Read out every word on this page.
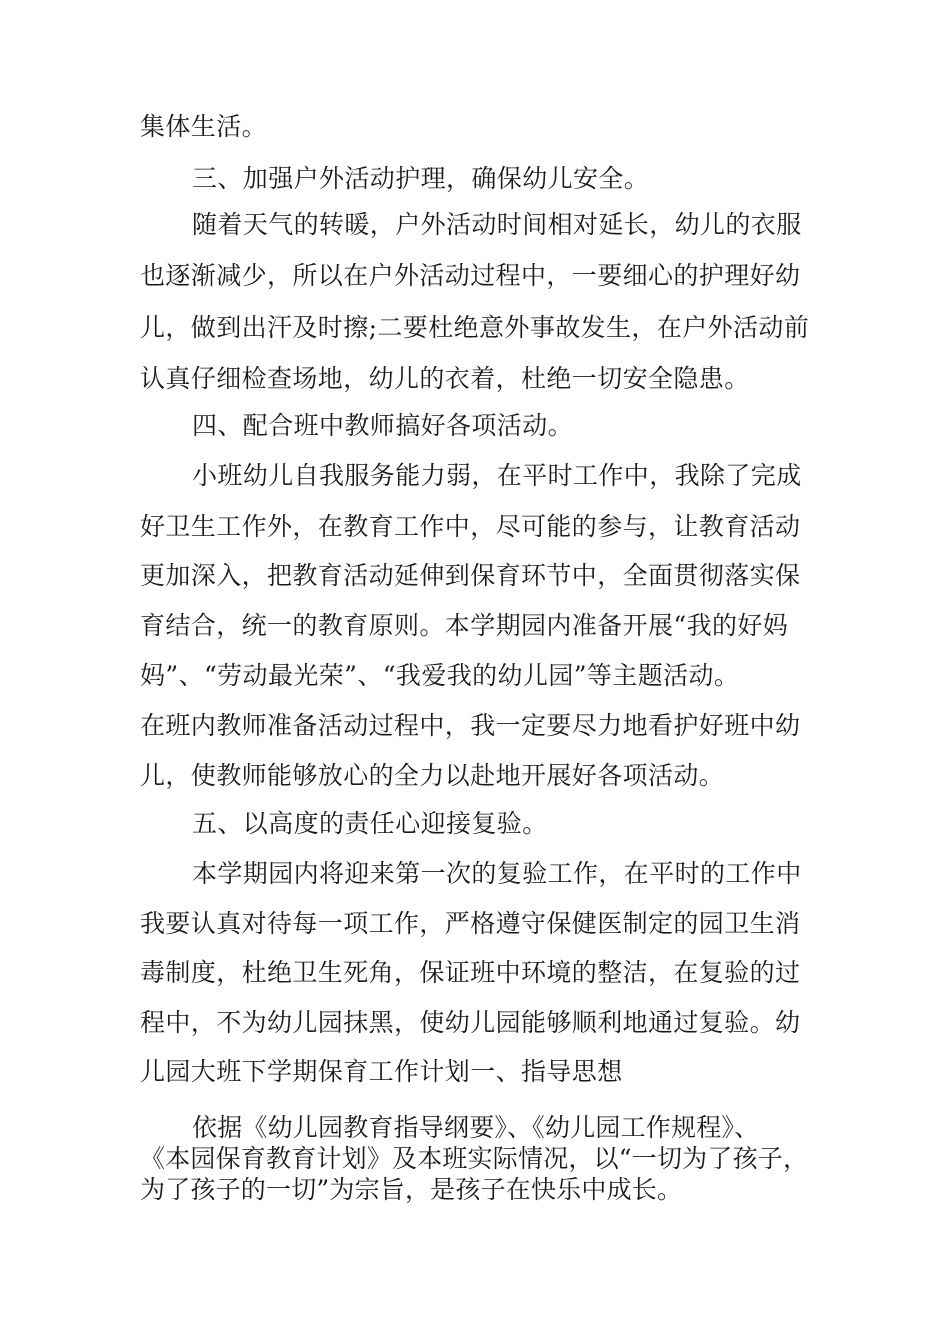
集体生活。
三、加强户外活动护理，确保幼儿安全。
随着天气的转暖，户外活动时间相对延长，幼儿的衣服
也逐渐减少，所以在户外活动过程中，一要细心的护理好幼
儿，做到出汗及时擦;二要杜绝意外事故发生，在户外活动前
认真仔细检查场地，幼儿的衣着，杜绝一切安全隐患。
四、配合班中教师搞好各项活动。
小班幼儿自我服务能力弱，在平时工作中，我除了完成
好卫生工作外，在教育工作中，尽可能的参与，让教育活动
更加深入，把教育活动延伸到保育环节中，全面贯彻落实保
育结合，统一的教育原则。本学期园内准备开展“我的好妈
妈”、“劳动最光荣”、“我爱我的幼儿园”等主题活动。
在班内教师准备活动过程中，我一定要尽力地看护好班中幼
儿，使教师能够放心的全力以赴地开展好各项活动。
五、以高度的责任心迎接复验。
本学期园内将迎来第一次的复验工作，在平时的工作中
我要认真对待每一项工作，严格遵守保健医制定的园卫生消
毒制度，杜绝卫生死角，保证班中环境的整洁，在复验的过
程中，不为幼儿园抹黑，使幼儿园能够顺利地通过复验。幼
儿园大班下学期保育工作计划一、指导思想
依据《幼儿园教育指导纲要》、《幼儿园工作规程》、
《本园保育教育计划》及本班实际情况，以“一切为了孩子，
为了孩子的一切”为宗旨，是孩子在快乐中成长。
